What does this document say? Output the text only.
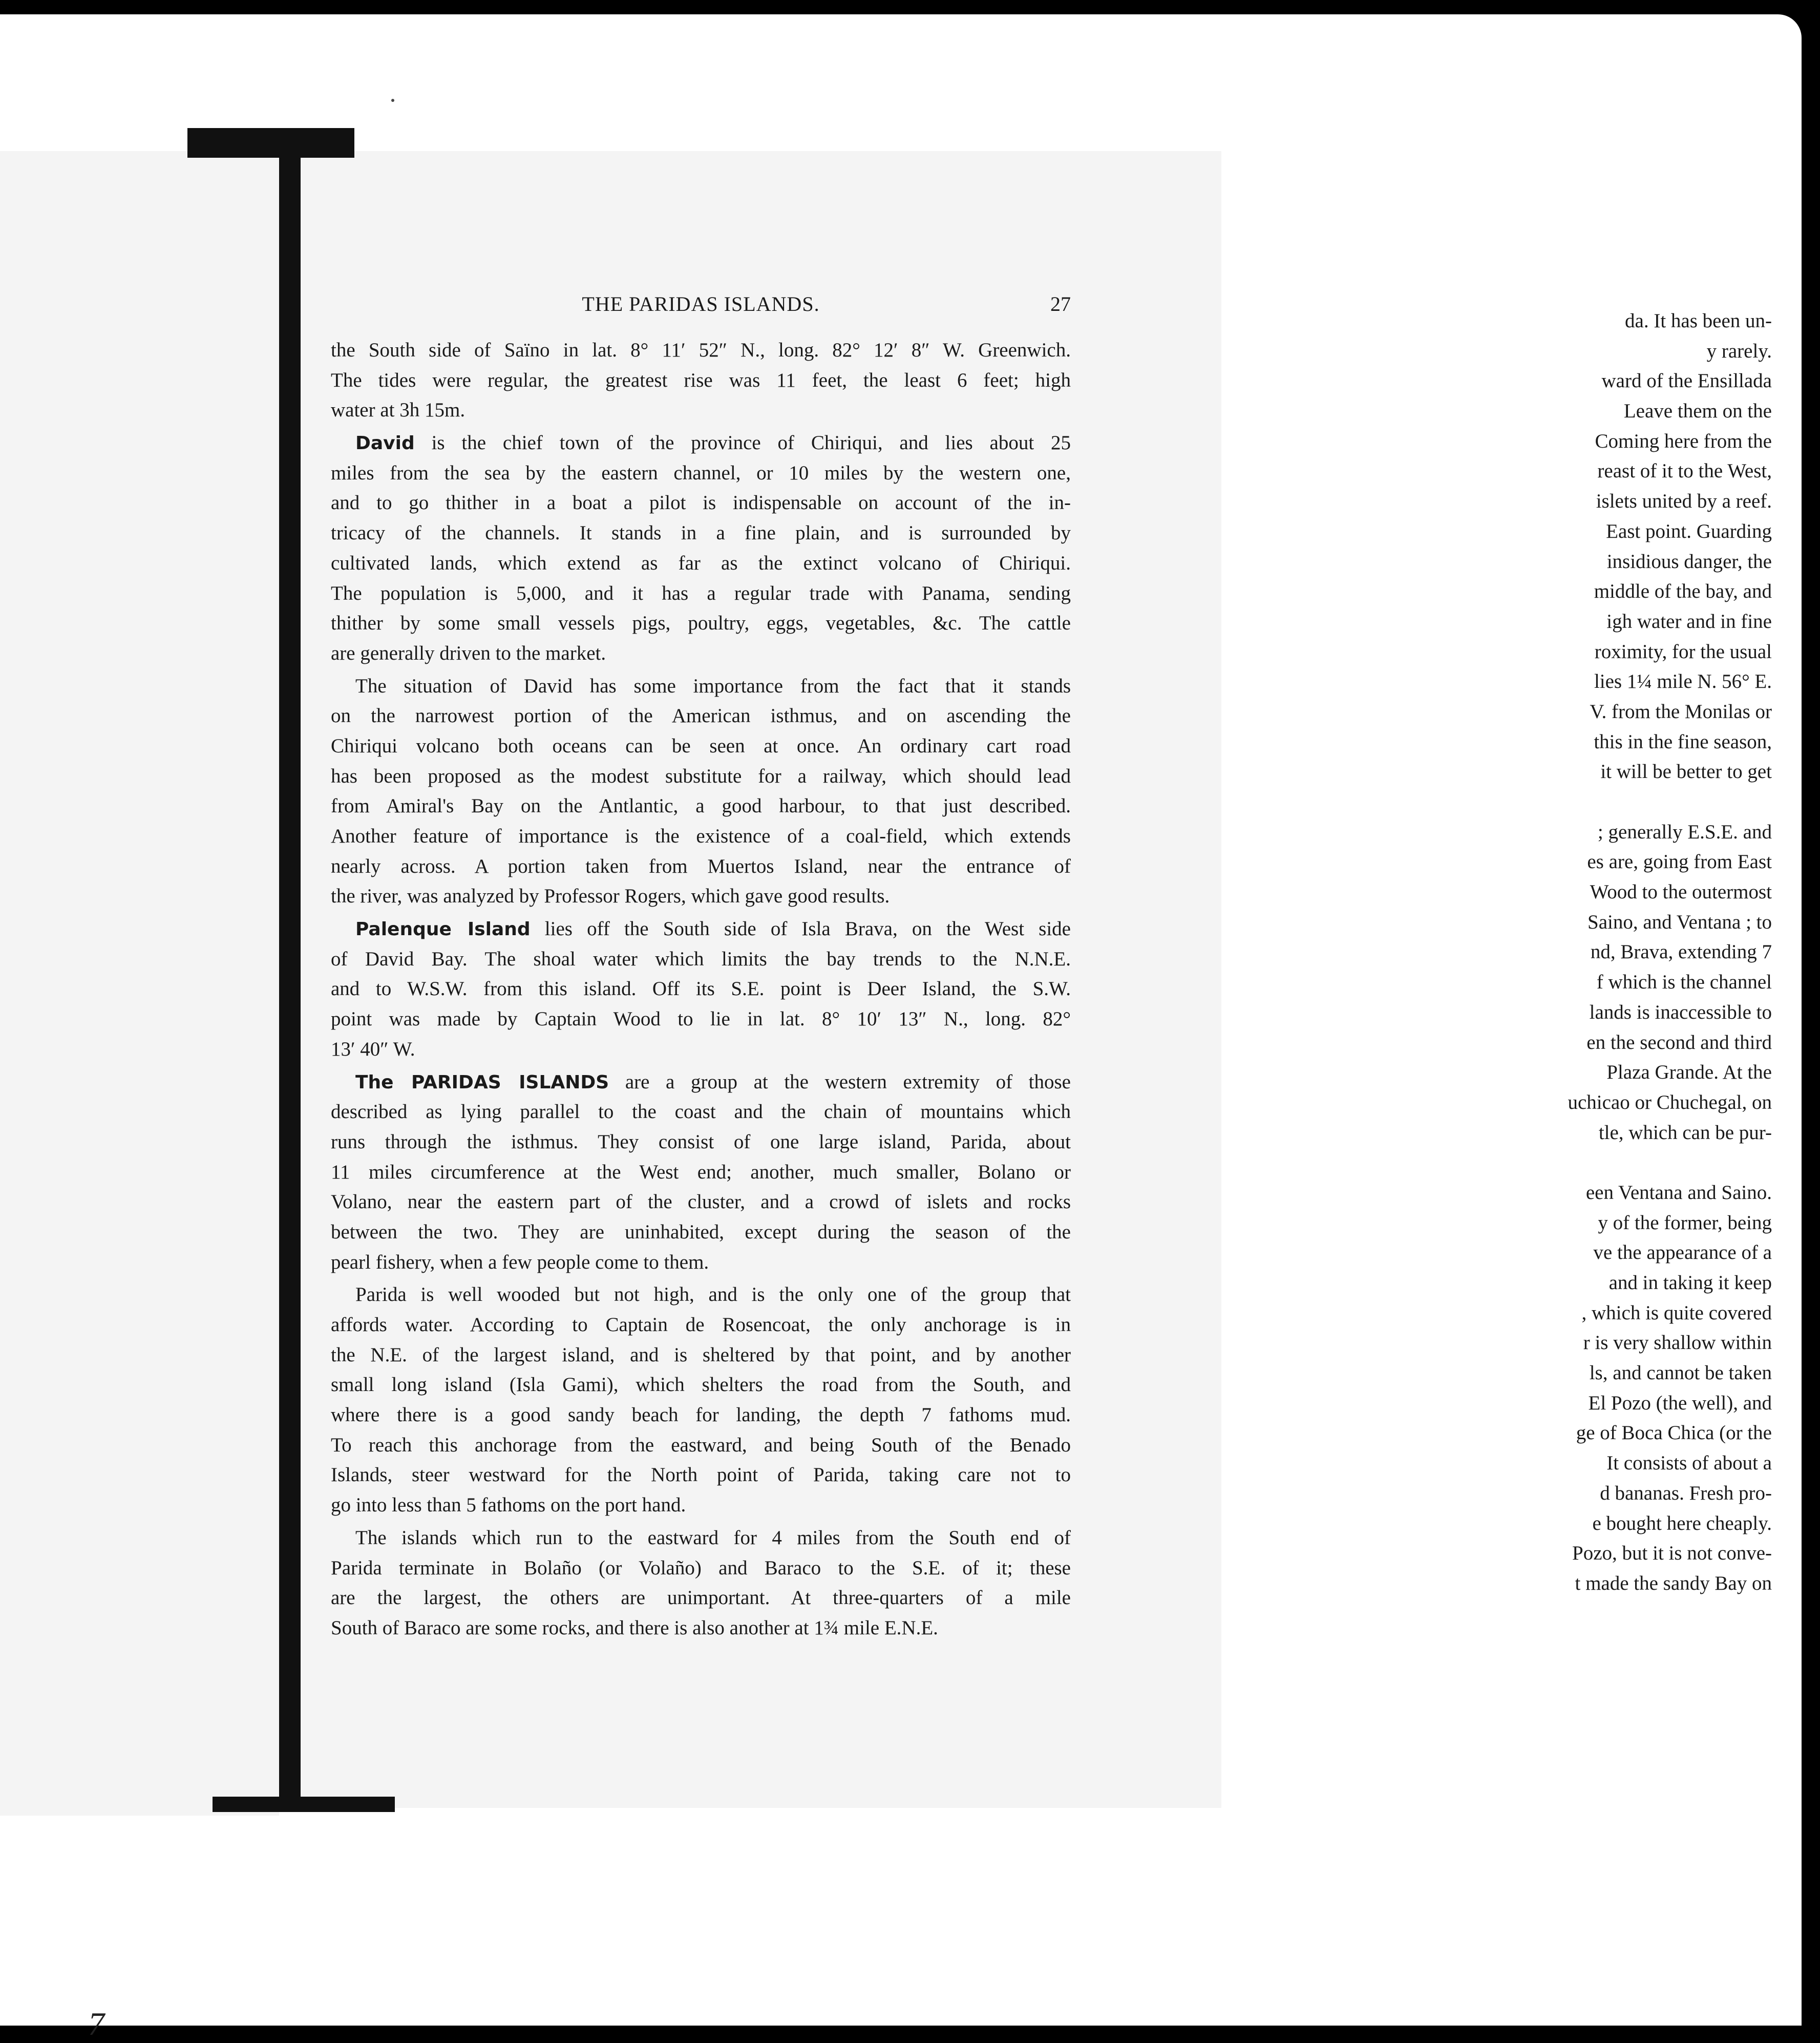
da. It has been un-
y rarely.
ward of the Ensillada
Leave them on the
Coming here from the
reast of it to the West,
islets united by a reef.
East point. Guarding
insidious danger, the
middle of the bay, and
igh water and in fine
roximity, for the usual
lies 1¼ mile N. 56° E.
V. from the Monilas or
this in the fine season,
it will be better to get
; generally E.S.E. and
es are, going from East
Wood to the outermost
Saino, and Ventana ; to
nd, Brava, extending 7
f which is the channel
lands is inaccessible to
en the second and third
Plaza Grande. At the
uchicao or Chuchegal, on
tle, which can be pur-
een Ventana and Saino.
y of the former, being
ve the appearance of a
and in taking it keep
, which is quite covered
r is very shallow within
ls, and cannot be taken
El Pozo (the well), and
ge of Boca Chica (or the
It consists of about a
d bananas. Fresh pro-
e bought here cheaply.
Pozo, but it is not conve-
t made the sandy Bay on
THE PARIDAS ISLANDS.	27
the South side of Saïno in lat. 8° 11′ 52″ N., long. 82° 12′ 8″ W. Greenwich.
The tides were regular, the greatest rise was 11 feet, the least 6 feet; high
water at 3h 15m.
David is the chief town of the province of Chiriqui, and lies about 25
miles from the sea by the eastern channel, or 10 miles by the western one,
and to go thither in a boat a pilot is indispensable on account of the in-
tricacy of the channels. It stands in a fine plain, and is surrounded by
cultivated lands, which extend as far as the extinct volcano of Chiriqui.
The population is 5,000, and it has a regular trade with Panama, sending
thither by some small vessels pigs, poultry, eggs, vegetables, &c. The cattle
are generally driven to the market.
The situation of David has some importance from the fact that it stands
on the narrowest portion of the American isthmus, and on ascending the
Chiriqui volcano both oceans can be seen at once. An ordinary cart road
has been proposed as the modest substitute for a railway, which should lead
from Amiral's Bay on the Antlantic, a good harbour, to that just described.
Another feature of importance is the existence of a coal-field, which extends
nearly across. A portion taken from Muertos Island, near the entrance of
the river, was analyzed by Professor Rogers, which gave good results.
Palenque Island lies off the South side of Isla Brava, on the West side
of David Bay. The shoal water which limits the bay trends to the N.N.E.
and to W.S.W. from this island. Off its S.E. point is Deer Island, the S.W.
point was made by Captain Wood to lie in lat. 8° 10′ 13″ N., long. 82°
13′ 40″ W.
The PARIDAS ISLANDS are a group at the western extremity of those
described as lying parallel to the coast and the chain of mountains which
runs through the isthmus. They consist of one large island, Parida, about
11 miles circumference at the West end; another, much smaller, Bolano or
Volano, near the eastern part of the cluster, and a crowd of islets and rocks
between the two. They are uninhabited, except during the season of the
pearl fishery, when a few people come to them.
Parida is well wooded but not high, and is the only one of the group that
affords water. According to Captain de Rosencoat, the only anchorage is in
the N.E. of the largest island, and is sheltered by that point, and by another
small long island (Isla Gami), which shelters the road from the South, and
where there is a good sandy beach for landing, the depth 7 fathoms mud.
To reach this anchorage from the eastward, and being South of the Benado
Islands, steer westward for the North point of Parida, taking care not to
go into less than 5 fathoms on the port hand.
The islands which run to the eastward for 4 miles from the South end of
Parida terminate in Bolaño (or Volaño) and Baraco to the S.E. of it; these
are the largest, the others are unimportant. At three-quarters of a mile
South of Baraco are some rocks, and there is also another at 1¾ mile E.N.E.
7
